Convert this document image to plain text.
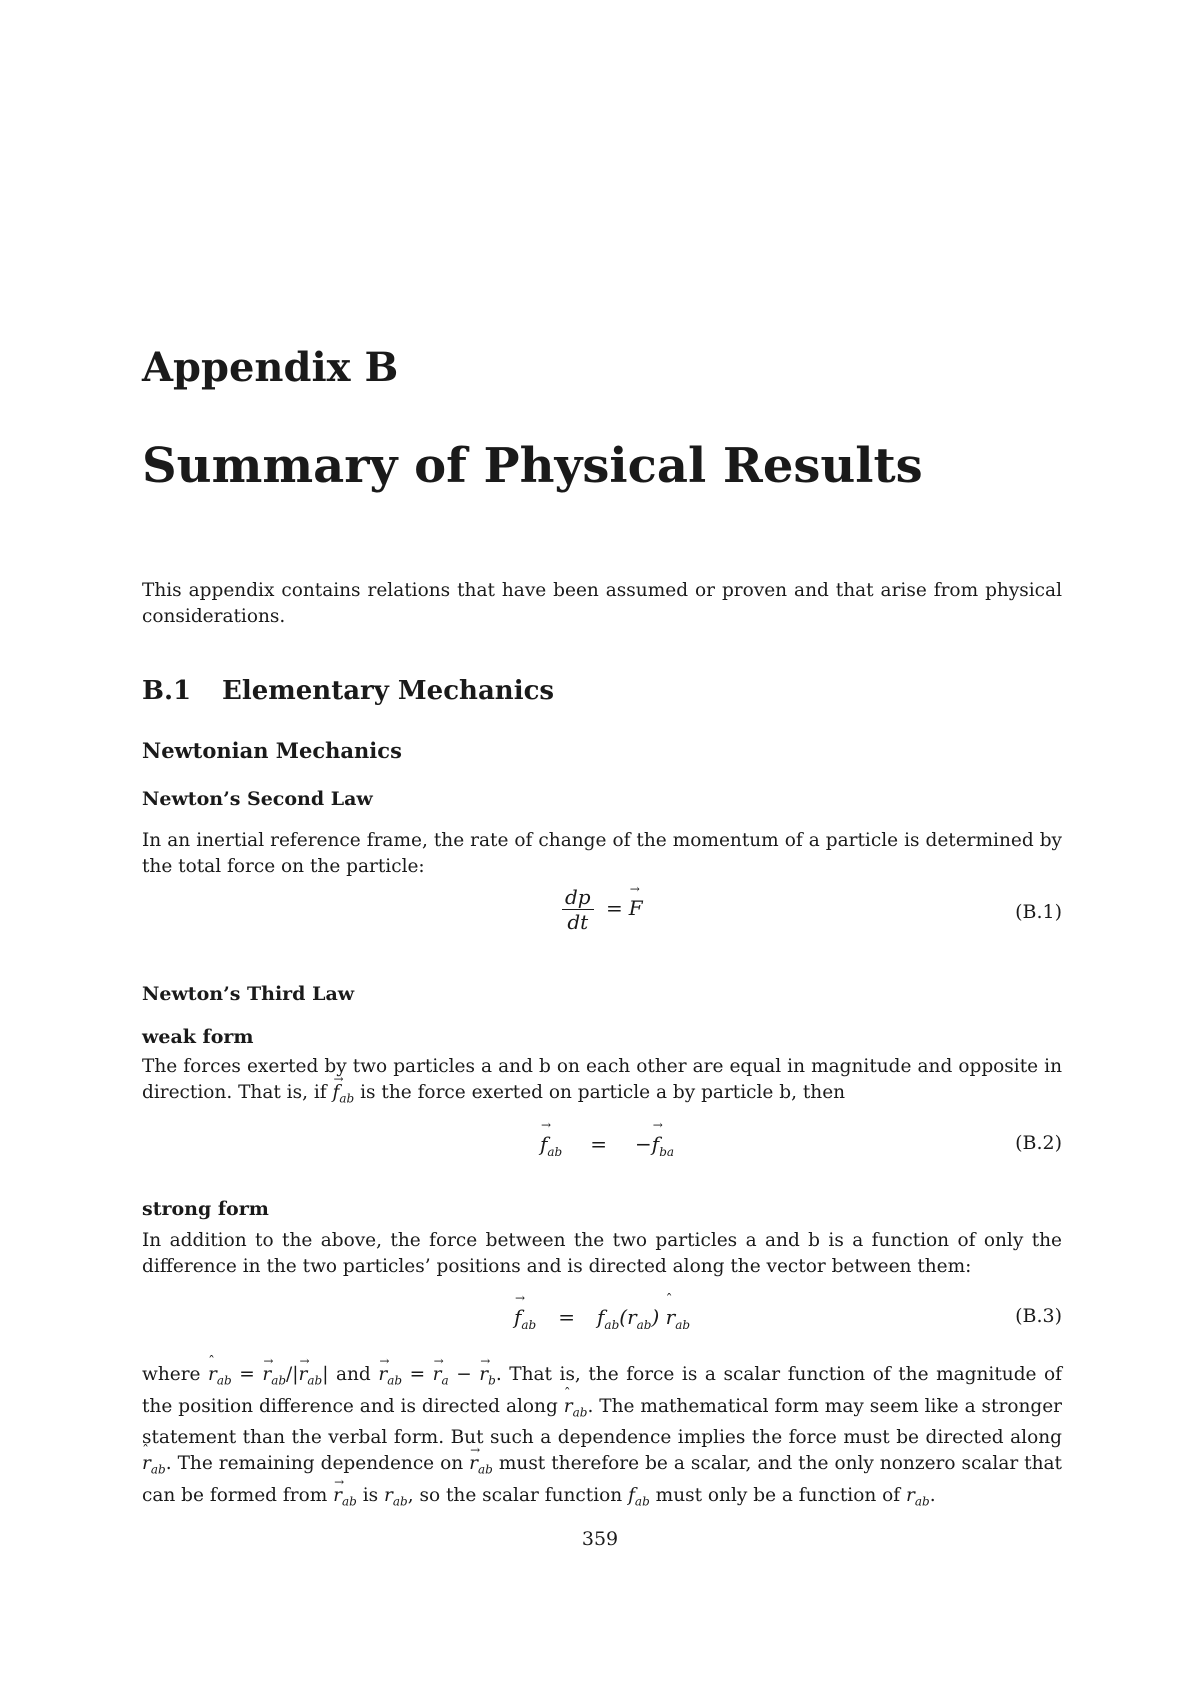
Appendix B
Summary of Physical Results
This appendix contains relations that have been assumed or proven and that arise from physical considerations.
B.1 Elementary Mechanics
Newtonian Mechanics
Newton’s Second Law
In an inertial reference frame, the rate of change of the momentum of a particle is determined by the total force on the particle:
$\frac{dp}{dt} =\to F$	(B.1)
Newton’s Third Law
weak form
The forces exerted by two particles a and b on each other are equal in magnitude and opposite in direction. That is, if → $f_{ab}$ is the force exerted on particle a by particle b, then
→ $f_{ab}$ = −→ $f_{ba}$	(B.2)
strong form
In addition to the above, the force between the two particles a and b is a function of only the difference in the two particles’ positions and is directed along the vector between them:
→ $f_{ab} = f_{ab}(r_{ab})$ ˆ $r_{ab}$	(B.3)
where ˆ $r_{ab}$ = → $r_{ab}/|\to r_{ab}|$ and → $r_{ab}$ = → $r_a$ − → $r_b$. That is, the force is a scalar function of the magnitude of the position difference and is directed along ˆ $r_{ab}$. The mathematical form may seem like a stronger statement than the verbal form. But such a dependence implies the force must be directed along ˆ $r_{ab}$. The remaining dependence on → $r_{ab}$ must therefore be a scalar, and the only nonzero scalar that can be formed from → $r_{ab}$ is $r_{ab}$, so the scalar function $f_{ab}$ must only be a function of $r_{ab}$.
359
